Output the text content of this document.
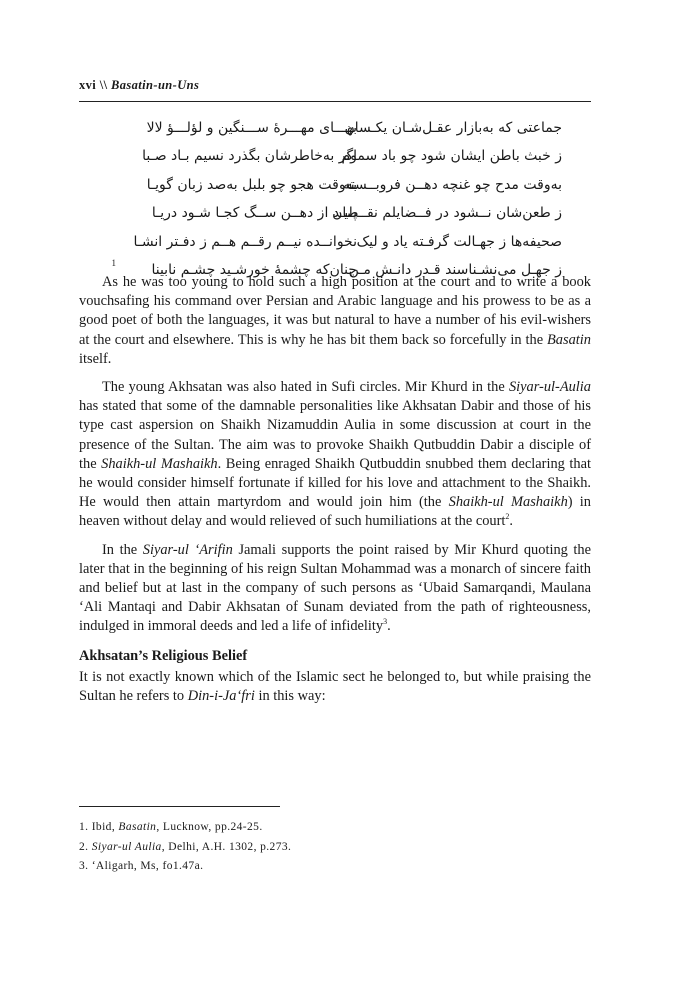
xvi \\ Basatin-un-Uns
جماعتی که به‌بازار عقـل‌شـان یکـسان
بهـــای مهـــرۀ ســـنگین و لؤلـــؤ لالا
ز خبث باطن ایشان شود چو باد سموم
اگر به‌خاطرشان بگذرد نسیم بـاد صـبا
به‌وقت مدح چو غنچه دهــن فروبــسته
به‌وقت هجو چو بلبل به‌صد زبان گویـا
ز طعن‌شان نــشود در فــضایلم نقــصان
پلیـد از دهــن ســگ کجـا شـود دریـا
صحیفه‌ها ز جهـالت گرفـته یاد و لیک
نخوانــده نیــم رقــم هــم ز دفـتر انشـا
ز جهـل می‌نشـناسند قـدر دانـش مـن
چنان‌که چشمۀ خورشـید چشـم نابینا
1

As he was too young to hold such a high position at the court and to write a book vouchsafing his command over Persian and Arabic language and his prowess to be as a good poet of both the languages, it was but natural to have a number of his evil-wishers at the court and elsewhere. This is why he has bit them back so forcefully in the Basatin itself.

The young Akhsatan was also hated in Sufi circles. Mir Khurd in the Siyar-ul-Aulia has stated that some of the damnable personalities like Akhsatan Dabir and those of his type cast aspersion on Shaikh Nizamuddin Aulia in some discussion at court in the presence of the Sultan. The aim was to provoke Shaikh Qutbuddin Dabir a disciple of the Shaikh-ul Mashaikh. Being enraged Shaikh Qutbuddin snubbed them declaring that he would consider himself fortunate if killed for his love and attachment to the Shaikh. He would then attain martyrdom and would join him (the Shaikh-ul Mashaikh) in heaven without delay and would relieved of such humiliations at the court$^2$.

In the Siyar-ul ‘Arifin Jamali supports the point raised by Mir Khurd quoting the later that in the beginning of his reign Sultan Mohammad was a monarch of sincere faith and belief but at last in the company of such persons as ‘Ubaid Samarqandi, Maulana ‘Ali Mantaqi and Dabir Akhsatan of Sunam deviated from the path of righteousness, indulged in immoral deeds and led a life of infidelity$^3$.

Akhsatan’s Religious Belief

It is not exactly known which of the Islamic sect he belonged to, but while praising the Sultan he refers to Din-i-Ja‘fri in this way:

1. Ibid, Basatin, Lucknow, pp.24-25.
2. Siyar-ul Aulia, Delhi, A.H. 1302, p.273.
3. ‘Aligarh, Ms, fo1.47a.
